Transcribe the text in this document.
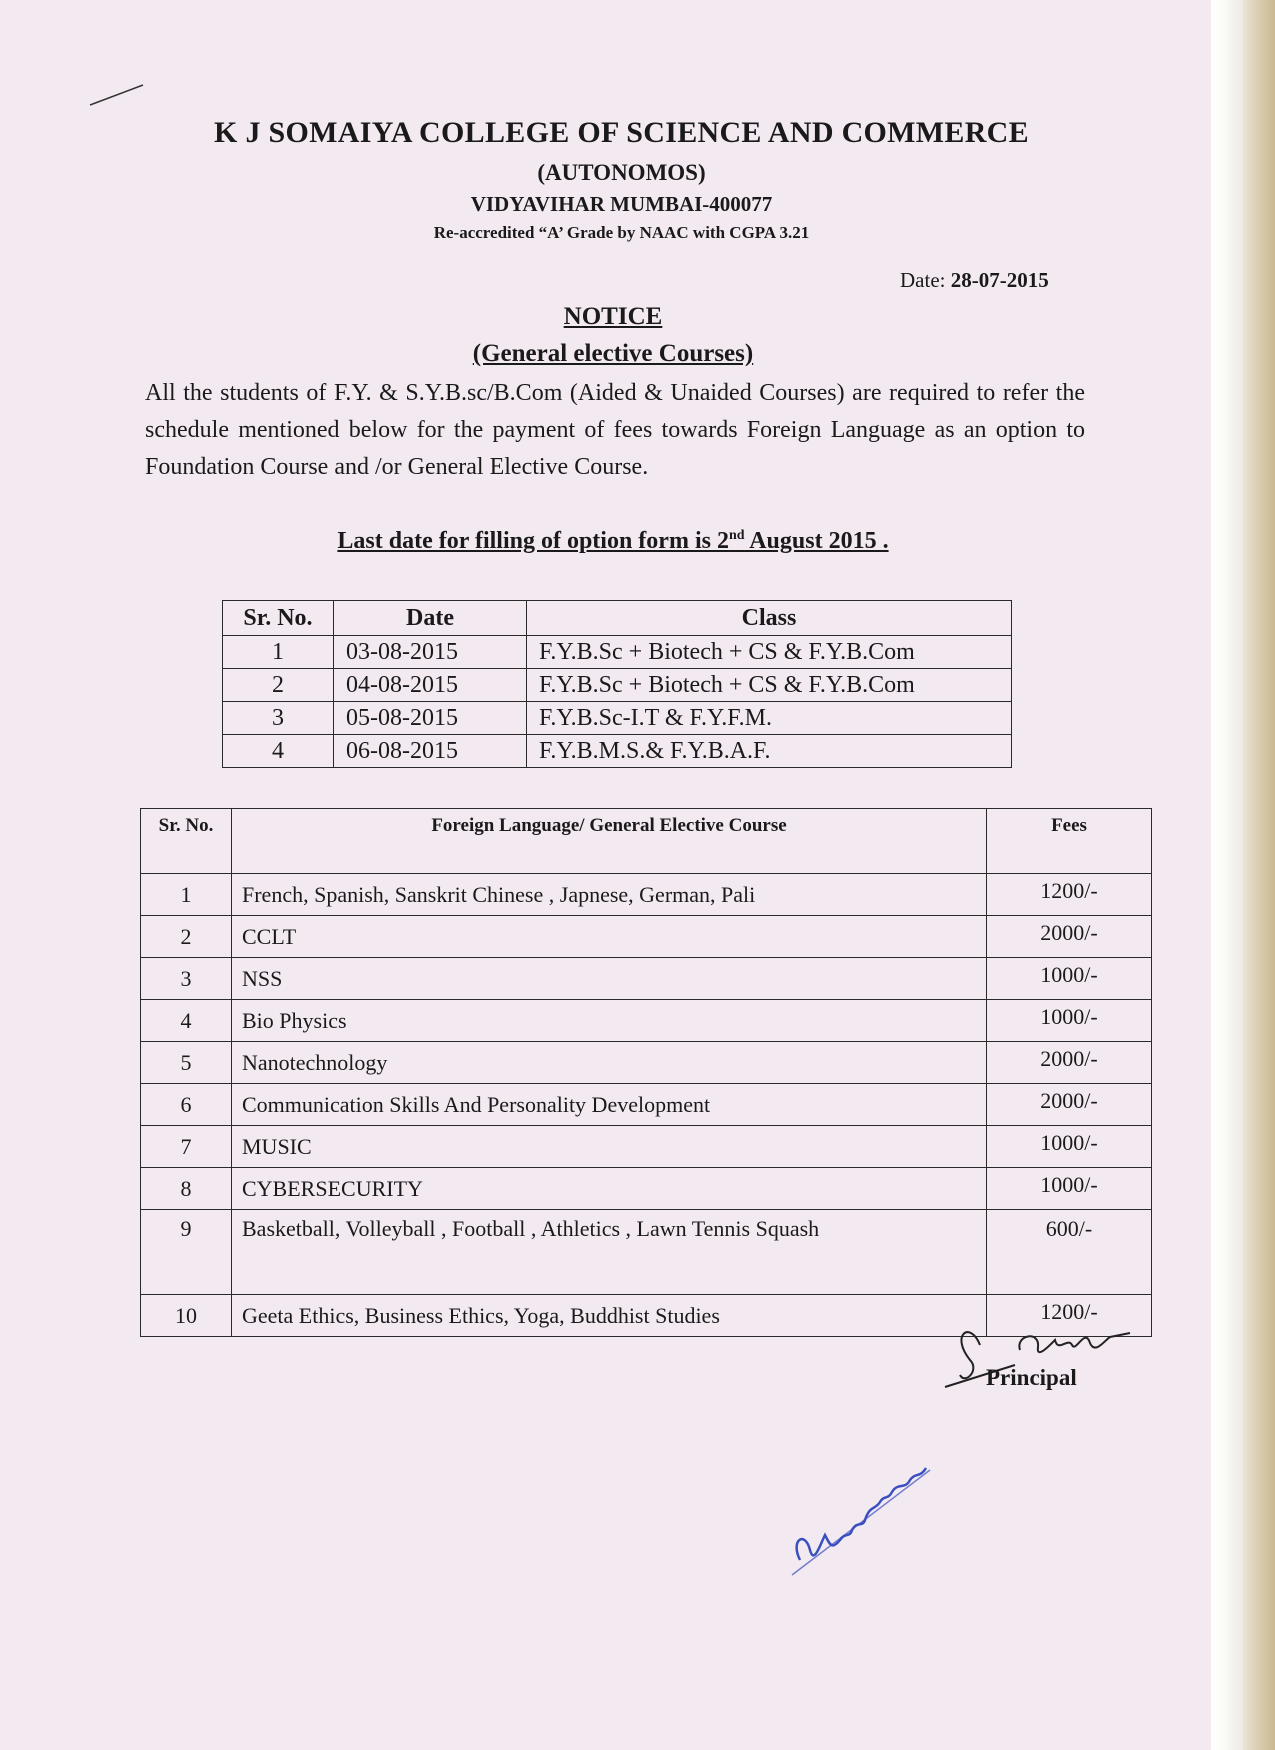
K J SOMAIYA COLLEGE OF SCIENCE AND COMMERCE
(AUTONOMOS)
VIDYAVIHAR MUMBAI-400077
Re-accredited “A’ Grade by NAAC with CGPA 3.21
Date: 28-07-2015
NOTICE
(General elective Courses)
All the students of F.Y. & S.Y.B.sc/B.Com (Aided & Unaided Courses) are required to refer the schedule mentioned below for the payment of fees towards Foreign Language as an option to Foundation Course and /or General Elective Course.
Last date for filling of option form is 2nd August 2015 .
Sr. No.	Date	Class
1	03-08-2015	F.Y.B.Sc + Biotech + CS & F.Y.B.Com
2	04-08-2015	F.Y.B.Sc + Biotech + CS & F.Y.B.Com
3	05-08-2015	F.Y.B.Sc-I.T & F.Y.F.M.
4	06-08-2015	F.Y.B.M.S.& F.Y.B.A.F.
Sr. No.	Foreign Language/ General Elective Course	Fees
1	French, Spanish, Sanskrit Chinese , Japnese, German, Pali	1200/-
2	CCLT	2000/-
3	NSS	1000/-
4	Bio Physics	1000/-
5	Nanotechnology	2000/-
6	Communication Skills And Personality Development	2000/-
7	MUSIC	1000/-
8	CYBERSECURITY	1000/-
9	Basketball, Volleyball , Football , Athletics , Lawn Tennis Squash	600/-
10	Geeta Ethics, Business Ethics, Yoga, Buddhist Studies	1200/-
Principal
